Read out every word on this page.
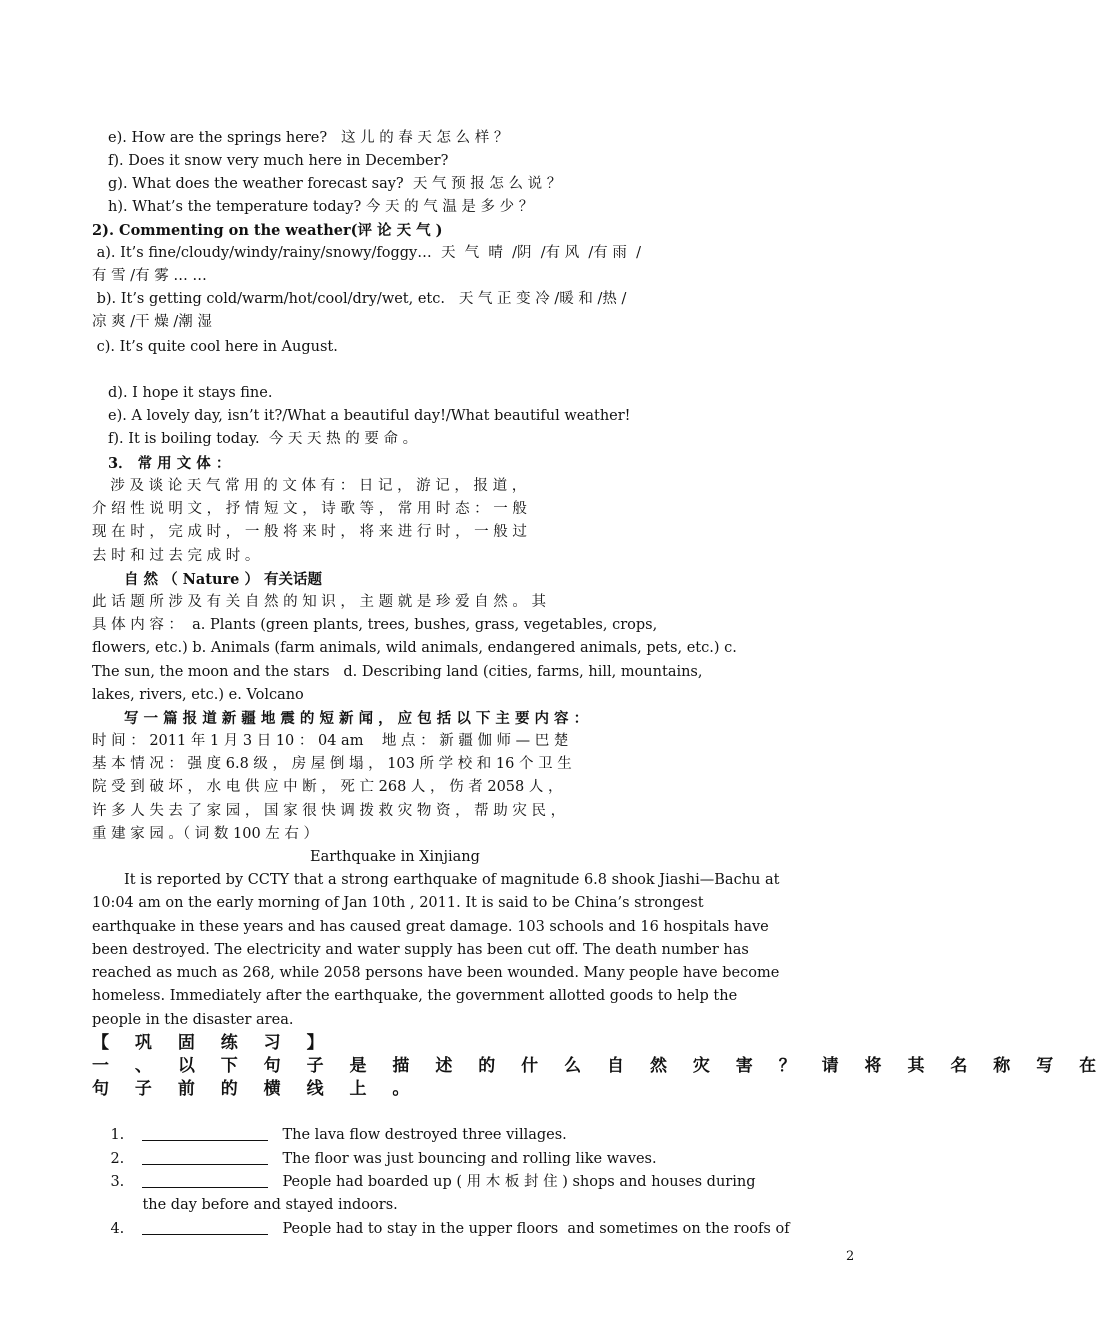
e). How are the springs here?   这 儿 的 春 天 怎 么 样 ？
f). Does it snow very much here in December?
g). What does the weather forecast say?  天 气 预 报 怎 么 说 ？
h). What’s the temperature today? 今 天 的 气 温 是 多 少 ？
2). Commenting on the weather(评 论 天 气 )
a). It’s fine/cloudy/windy/rainy/snowy/foggy…  天  气  晴  /阴  /有 风  /有 雨  /
有 雪 /有 雾 … …
b). It’s getting cold/warm/hot/cool/dry/wet, etc.   天 气 正 变 冷 /暖 和 /热 /
凉 爽 /干 燥 /潮 湿
c). It’s quite cool here in August.
d). I hope it stays fine.
e). A lovely day, isn’t it?/What a beautiful day!/What beautiful weather!
f). It is boiling today.  今 天 天 热 的 要 命 。
3． 常 用 文 体 ：
涉 及 谈 论 天 气 常 用 的 文 体 有 ： 日 记 ， 游 记 ， 报 道 ，
介 绍 性 说 明 文 ， 抒 情 短 文 ， 诗 歌 等 ， 常 用 时 态 ： 一 般
现 在 时 ， 完 成 时 ， 一 般 将 来 时 ， 将 来 进 行 时 ， 一 般 过
去 时 和 过 去 完 成 时 。
自 然 （ Nature ） 有关话题
此 话 题 所 涉 及 有 关 自 然 的 知 识 ， 主 题 就 是 珍 爱 自 然 。 其
具 体 内 容 ：  a. Plants (green plants, trees, bushes, grass, vegetables, crops,
flowers, etc.) b. Animals (farm animals, wild animals, endangered animals, pets, etc.) c.
The sun, the moon and the stars   d. Describing land (cities, farms, hill, mountains,
lakes, rivers, etc.) e. Volcano
写 一 篇 报 道 新 疆 地 震 的 短 新 闻 ， 应 包 括 以 下 主 要 内 容 ：
时 间 ： 2011 年 1 月 3 日 10 ： 04 am    地 点 ： 新 疆 伽 师 — 巴 楚
基 本 情 况 ： 强 度 6.8 级 ， 房 屋 倒 塌 ， 103 所 学 校 和 16 个 卫 生
院 受 到 破 坏 ， 水 电 供 应 中 断 ， 死 亡 268 人 ， 伤 者 2058 人 ，
许 多 人 失 去 了 家 园 ， 国 家 很 快 调 拨 救 灾 物 资 ， 帮 助 灾 民 ，
重 建 家 园 。（ 词 数 100 左 右 ）
Earthquake in Xinjiang
It is reported by CCTY that a strong earthquake of magnitude 6.8 shook Jiashi—Bachu at
10:04 am on the early morning of Jan 10th , 2011. It is said to be China’s strongest
earthquake in these years and has caused great damage. 103 schools and 16 hospitals have
been destroyed. The electricity and water supply has been cut off. The death number has
reached as much as 268, while 2058 persons have been wounded. Many people have become
homeless. Immediately after the earthquake, the government allotted goods to help the
people in the disaster area.
【 巩 固 练 习 】
一 、 以 下 句 子 是 描 述 的 什 么 自 然 灾 害 ？ 请 将 其 名 称 写 在
句 子 前 的 横 线 上 。

1.	The lava flow destroyed three villages.

2.	The floor was just bouncing and rolling like waves.

3.	People had boarded up ( 用 木 板 封 住 ) shops and houses during

the day before and stayed indoors.

4.	People had to stay in the upper floors  and sometimes on the roofs of

2
